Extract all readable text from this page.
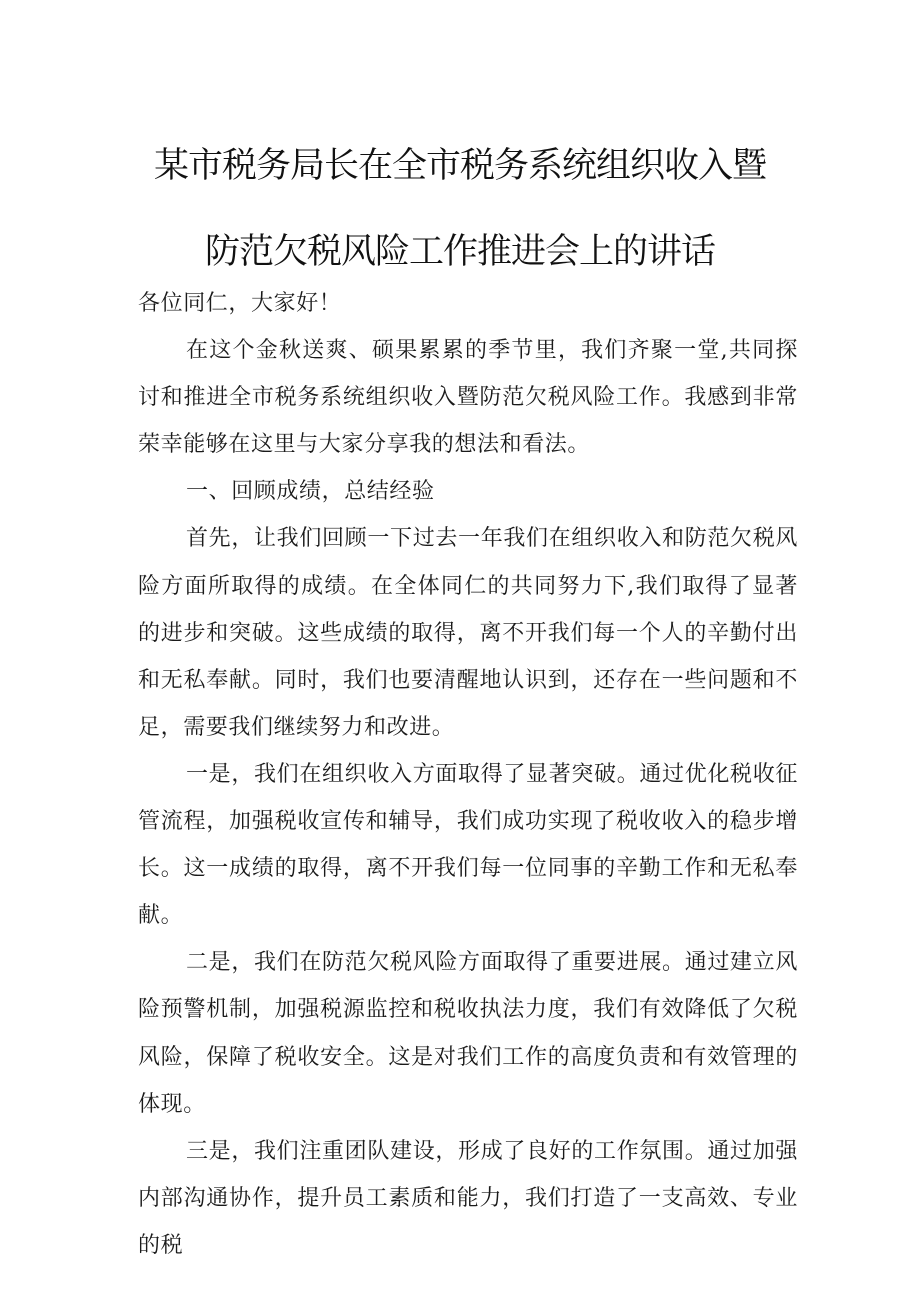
某市税务局长在全市税务系统组织收入暨
防范欠税风险工作推进会上的讲话

各位同仁，大家好！

在这个金秋送爽、硕果累累的季节里，我们齐聚一堂,共同探讨和推进全市税务系统组织收入暨防范欠税风险工作。我感到非常荣幸能够在这里与大家分享我的想法和看法。

一、回顾成绩，总结经验

首先，让我们回顾一下过去一年我们在组织收入和防范欠税风险方面所取得的成绩。在全体同仁的共同努力下,我们取得了显著的进步和突破。这些成绩的取得，离不开我们每一个人的辛勤付出和无私奉献。同时，我们也要清醒地认识到，还存在一些问题和不足，需要我们继续努力和改进。

一是，我们在组织收入方面取得了显著突破。通过优化税收征管流程，加强税收宣传和辅导，我们成功实现了税收收入的稳步增长。这一成绩的取得，离不开我们每一位同事的辛勤工作和无私奉献。

二是，我们在防范欠税风险方面取得了重要进展。通过建立风险预警机制，加强税源监控和税收执法力度，我们有效降低了欠税风险，保障了税收安全。这是对我们工作的高度负责和有效管理的体现。

三是，我们注重团队建设，形成了良好的工作氛围。通过加强内部沟通协作，提升员工素质和能力，我们打造了一支高效、专业的税
